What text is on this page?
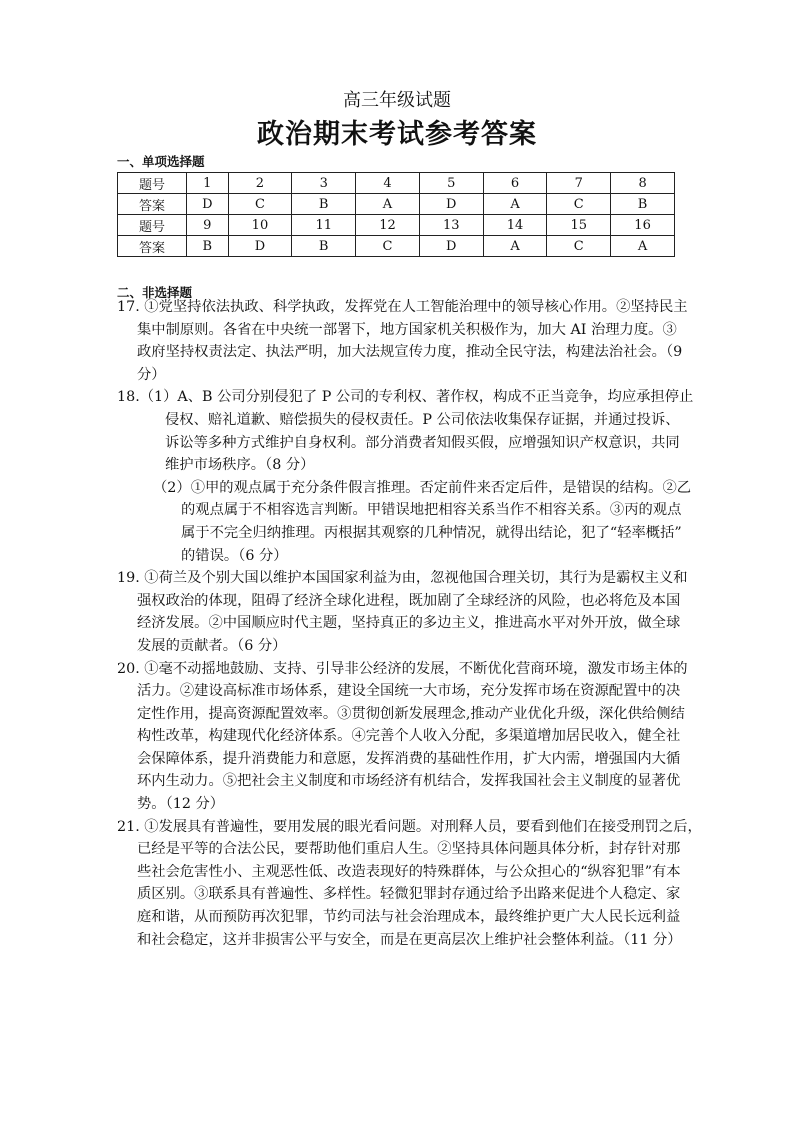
高三年级试题
政治期末考试参考答案
一、单项选择题
题号	1	2	3	4	5	6	7	8
答案	D	C	B	A	D	A	C	B
题号	9	10	11	12	13	14	15	16
答案	B	D	B	C	D	A	C	A
二、非选择题
17. ①党坚持依法执政、科学执政，发挥党在人工智能治理中的领导核心作用。②坚持民主
集中制原则。各省在中央统一部署下，地方国家机关积极作为，加大 AI 治理力度。③
政府坚持权责法定、执法严明，加大法规宣传力度，推动全民守法，构建法治社会。（9
分）
18.（1）A、B 公司分别侵犯了 P 公司的专利权、著作权，构成不正当竞争，均应承担停止
侵权、赔礼道歉、赔偿损失的侵权责任。P 公司依法收集保存证据，并通过投诉、
诉讼等多种方式维护自身权利。部分消费者知假买假，应增强知识产权意识，共同
维护市场秩序。（8 分）
（2）①甲的观点属于充分条件假言推理。否定前件来否定后件，是错误的结构。②乙
的观点属于不相容选言判断。甲错误地把相容关系当作不相容关系。③丙的观点
属于不完全归纳推理。丙根据其观察的几种情况，就得出结论，犯了“轻率概括”
的错误。（6 分）
19. ①荷兰及个别大国以维护本国国家利益为由，忽视他国合理关切，其行为是霸权主义和
强权政治的体现，阻碍了经济全球化进程，既加剧了全球经济的风险，也必将危及本国
经济发展。②中国顺应时代主题，坚持真正的多边主义，推进高水平对外开放，做全球
发展的贡献者。（6 分）
20. ①毫不动摇地鼓励、支持、引导非公经济的发展，不断优化营商环境，激发市场主体的
活力。②建设高标准市场体系，建设全国统一大市场，充分发挥市场在资源配置中的决
定性作用，提高资源配置效率。③贯彻创新发展理念,推动产业优化升级，深化供给侧结
构性改革，构建现代化经济体系。④完善个人收入分配，多渠道增加居民收入，健全社
会保障体系，提升消费能力和意愿，发挥消费的基础性作用，扩大内需，增强国内大循
环内生动力。⑤把社会主义制度和市场经济有机结合，发挥我国社会主义制度的显著优
势。（12 分）
21. ①发展具有普遍性，要用发展的眼光看问题。对刑释人员，要看到他们在接受刑罚之后，
已经是平等的合法公民，要帮助他们重启人生。②坚持具体问题具体分析，封存针对那
些社会危害性小、主观恶性低、改造表现好的特殊群体，与公众担心的“纵容犯罪”有本
质区别。③联系具有普遍性、多样性。轻微犯罪封存通过给予出路来促进个人稳定、家
庭和谐，从而预防再次犯罪，节约司法与社会治理成本，最终维护更广大人民长远利益
和社会稳定，这并非损害公平与安全，而是在更高层次上维护社会整体利益。（11 分）
